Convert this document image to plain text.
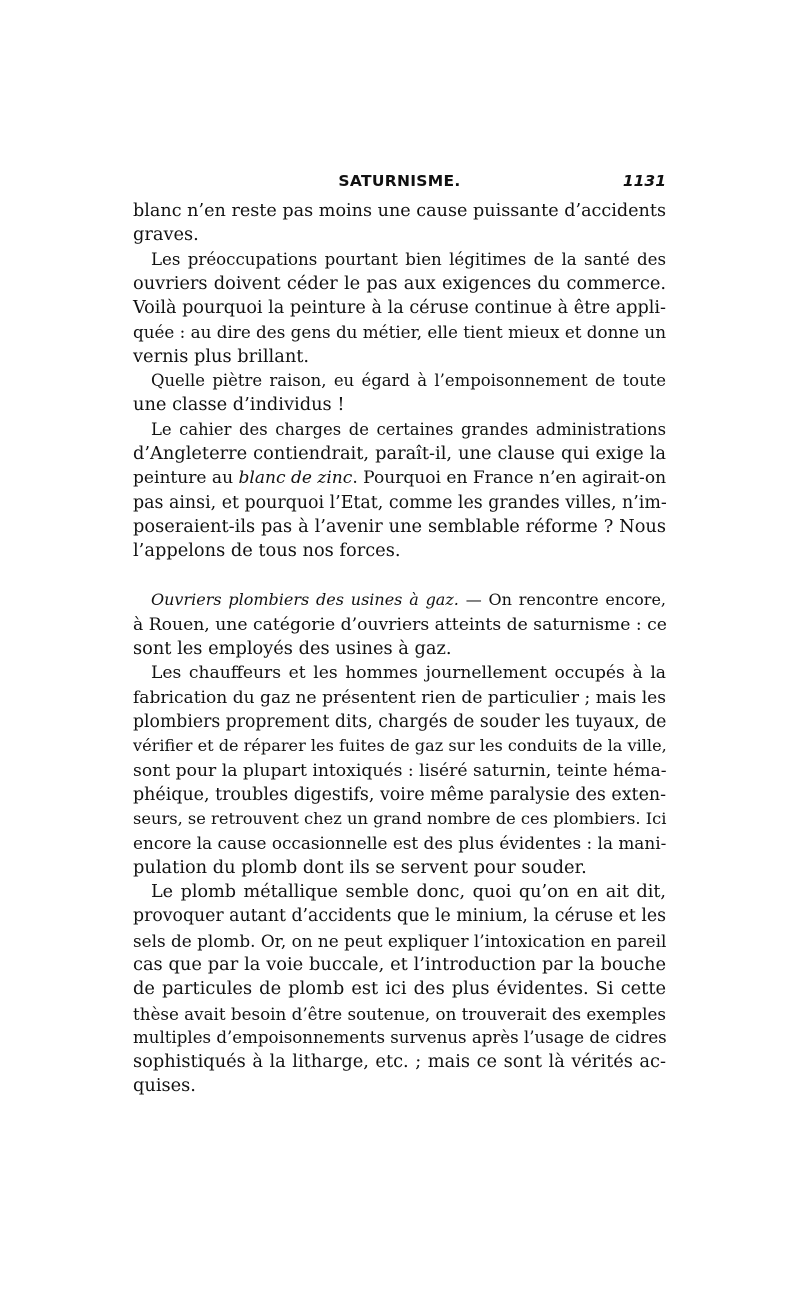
SATURNISME.	1131
blanc n’en reste pas moins une cause puissante d’accidents
graves.
Les préoccupations pourtant bien légitimes de la santé des
ouvriers doivent céder le pas aux exigences du commerce.
Voilà pourquoi la peinture à la céruse continue à être appli-
quée : au dire des gens du métier, elle tient mieux et donne un
vernis plus brillant.
Quelle piètre raison, eu égard à l’empoisonnement de toute
une classe d’individus !
Le cahier des charges de certaines grandes administrations
d’Angleterre contiendrait, paraît-il, une clause qui exige la
peinture au blanc de zinc. Pourquoi en France n’en agirait-on
pas ainsi, et pourquoi l’Etat, comme les grandes villes, n’im-
poseraient-ils pas à l’avenir une semblable réforme ? Nous
l’appelons de tous nos forces.
Ouvriers plombiers des usines à gaz. — On rencontre encore,
à Rouen, une catégorie d’ouvriers atteints de saturnisme : ce
sont les employés des usines à gaz.
Les chauffeurs et les hommes journellement occupés à la
fabrication du gaz ne présentent rien de particulier ; mais les
plombiers proprement dits, chargés de souder les tuyaux, de
vérifier et de réparer les fuites de gaz sur les conduits de la ville,
sont pour la plupart intoxiqués : liséré saturnin, teinte héma-
phéique, troubles digestifs, voire même paralysie des exten-
seurs, se retrouvent chez un grand nombre de ces plombiers. Ici
encore la cause occasionnelle est des plus évidentes : la mani-
pulation du plomb dont ils se servent pour souder.
Le plomb métallique semble donc, quoi qu’on en ait dit,
provoquer autant d’accidents que le minium, la céruse et les
sels de plomb. Or, on ne peut expliquer l’intoxication en pareil
cas que par la voie buccale, et l’introduction par la bouche
de particules de plomb est ici des plus évidentes. Si cette
thèse avait besoin d’être soutenue, on trouverait des exemples
multiples d’empoisonnements survenus après l’usage de cidres
sophistiqués à la litharge, etc. ; mais ce sont là vérités ac-
quises.
